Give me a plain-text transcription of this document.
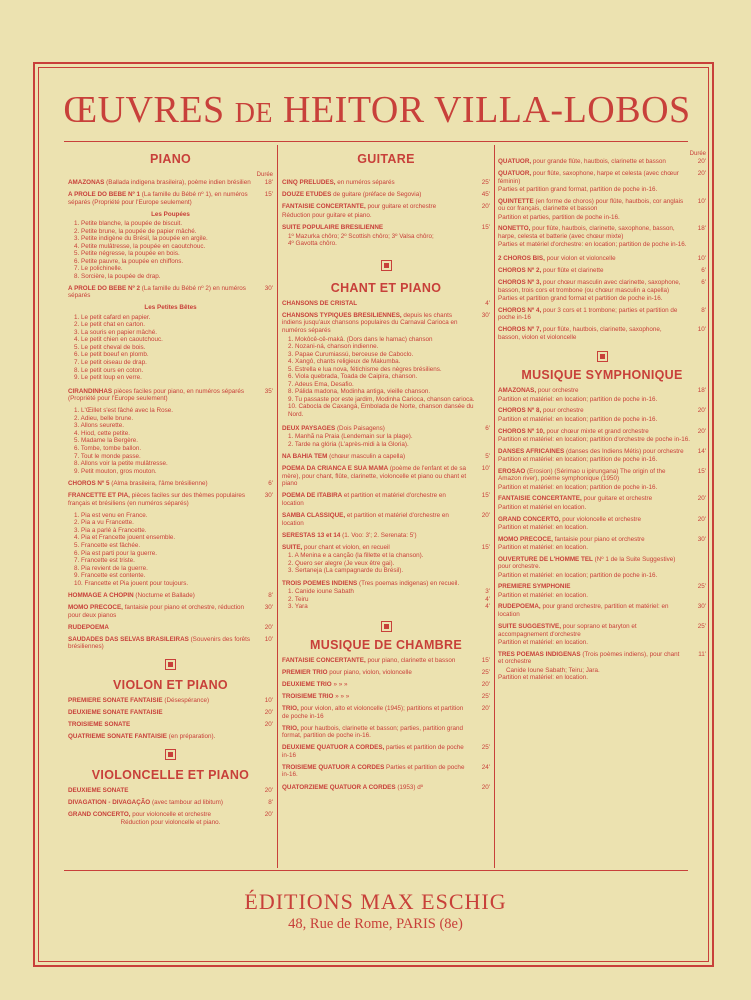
ŒUVRES DE HEITOR VILLA-LOBOS
PIANO
Durée
AMAZONAS (Ballada indigena brasileira), poème indien brésilien 18'
A PROLE DO BEBE Nº 1 (La famille du Bébé nº 1), en numéros séparés (Propriété pour l'Europe seulement)
15'
Les Poupées
1. Petite blanche, la poupée de biscuit.
2. Petite brune, la poupée de papier mâché.
3. Petite indigène du Brésil, la poupée en argile.
4. Petite mulâtresse, la poupée en caoutchouc.
5. Petite négresse, la poupée en bois.
6. Petite pauvre, la poupée en chiffons.
7. Le polichinelle.
8. Sorcière, la poupée de drap.
A PROLE DO BEBE Nº 2 (La famille du Bébé nº 2) en numéros séparés
30'
Les Petites Bêtes
1. Le petit cafard en papier.
2. Le petit chat en carton.
3. La souris en papier mâché.
4. Le petit chien en caoutchouc.
5. Le petit cheval de bois.
6. Le petit boeuf en plomb.
7. Le petit oiseau de drap.
8. Le petit ours en coton.
9. Le petit loup en verre.
CIRANDINHAS pièces faciles pour piano, en numéros séparés (Propriété pour l'Europe seulement)
35'
1. L'Œillet s'est fâché avec la Rose.
2. Adieu, belle brune.
3. Allons seurette.
4. Hiod, cette petite.
5. Madame la Bergère.
6. Tombe, tombe ballon.
7. Tout le monde passe.
8. Allons voir la petite mulâtresse.
9. Petit mouton, gros mouton.
CHOROS Nº 5 (Alma brasileira, l'âme brésilienne)	6'
FRANCETTE ET PIA, pièces faciles sur des thèmes populaires français et brésiliens (en numéros séparés)
30'
1. Pia est venu en France.
2. Pia a vu Francette.
3. Pia a parlé à Francette.
4. Pia et Francette jouent ensemble.
5. Francette est fâchée.
6. Pia est parti pour la guerre.
7. Francette est triste.
8. Pia revient de la guerre.
9. Francette est contente.
10. Francette et Pia jouent pour toujours.
HOMMAGE A CHOPIN (Nocturne et Ballade)	8'
MOMO PRECOCE, fantaisie pour piano et orchestre, réduction pour deux pianos
30'
RUDEPOEMA	20'
SAUDADES DAS SELVAS BRASILEIRAS (Souvenirs des forêts brésiliennes)
10'
VIOLON ET PIANO
PREMIERE SONATE FANTAISIE (Désespérance)	10'
DEUXIEME SONATE FANTAISIE	20'
TROISIEME SONATE	20'
QUATRIEME SONATE FANTAISIE (en préparation).
VIOLONCELLE ET PIANO
DEUXIEME SONATE	20'
DIVAGATION - DIVAGAÇÃO (avec tambour ad libitum)	8'
GRAND CONCERTO, pour violoncelle et orchestre	20'
Réduction pour violoncelle et piano.
GUITARE
CINQ PRELUDES, en numéros séparés	25'
DOUZE ETUDES de guitare (préface de Segovia)	45'
FANTAISIE CONCERTANTE, pour guitare et orchestre	20'
Réduction pour guitare et piano.
SUITE POPULAIRE BRESILIENNE	15'
1º Mazurka chôro; 2º Scottish chôro; 3º Valsa chôro;
4º Gavotta chôro.
CHANT ET PIANO
CHANSONS DE CRISTAL	4'
CHANSONS TYPIQUES BRESILIENNES, depuis les chants indiens jusqu'aux chansons populaires du Carnaval Carioca en numéros séparés
30'
1. Mokôcê-cê-makâ. (Dors dans le hamac) chanson
2. Nozani-ná, chanson indienne.
3. Papae Curumiassú, berceuse de Caboclo.
4. Xangô, chants religieux de Makumba.
5. Estrella e lua nova, fétichisme des nègres brésiliens.
6. Viola quebrada, Toada de Caipira, chanson.
7. Adeus Ema, Desafio.
8. Pálida madona, Modinha antiga, vieille chanson.
9. Tu passaste por este jardim, Modinha Carioca, chanson carioca.
10. Cabocla de Caxangá, Embolada de Norte, chanson dansée du Nord.
DEUX PAYSAGES (Dois Paisagens)	6'
1. Manhã na Praia (Lendemain sur la plage).
2. Tarde na glória (L'après-midi à la Gloria).
NA BAHIA TEM (chœur masculin a capella)	5'
POEMA DA CRIANCA E SUA MAMA (poème de l'enfant et de sa mère), pour chant, flûte, clarinette, violoncelle et piano ou chant et piano
10'
POEMA DE ITABIRA et partition et matériel d'orchestre en location
15'
SAMBA CLASSIQUE, et partition et matériel d'orchestre en location
20'
SERESTAS 13 et 14 (1. Voo: 3'; 2. Serenata: 5')
SUITE, pour chant et violon, en recueil	15'
1. A Menina e a canção (la fillette et la chanson).
2. Quero ser alegre (Je veux être gai).
3. Sertaneja (La campagnarde du Brésil).
TROIS POEMES INDIENS (Tres poemas indigenas) en recueil.
1. Canide ioune Sabath	3'
2. Teiru	4'
3. Yara	4'
MUSIQUE DE CHAMBRE
FANTAISIE CONCERTANTE, pour piano, clarinette et basson	15'
PREMIER TRIO pour piano, violon, violoncelle	25'
DEUXIEME TRIO » » »	20'
TROISIEME TRIO » » »	25'
TRIO, pour violon, alto et violoncelle (1945); partitions et partition de poche in-16
20'
TRIO, pour hautbois, clarinette et basson; parties, partition grand format, partition de poche in-16.
DEUXIEME QUATUOR A CORDES, parties et partition de poche in-16
25'
TROISIEME QUATUOR A CORDES Parties et partition de poche in-16.
24'
QUATORZIEME QUATUOR A CORDES (1953) dº	20'
Durée
QUATUOR, pour grande flûte, hautbois, clarinette et basson	20'
QUATUOR, pour flûte, saxophone, harpe et celesta (avec chœur féminin)
20'
Parties et partition grand format, partition de poche in-16.
QUINTETTE (en forme de choros) pour flûte, hautbois, cor anglais ou cor français, clarinette et basson
10'
Partition et parties, partition de poche in-16.
NONETTO, pour flûte, hautbois, clarinette, saxophone, basson, harpe, celesta et batterie (avec chœur mixte)
18'
Parties et matériel d'orchestre: en location; partition de poche in-16.
2 CHOROS BIS, pour violon et violoncelle	10'
CHOROS Nº 2, pour flûte et clarinette	6'
CHOROS Nº 3, pour chœur masculin avec clarinette, saxophone, basson, trois cors et trombone (ou chœur masculin a capella)
6'
Parties et partition grand format et partition de poche in-16.
CHOROS Nº 4, pour 3 cors et 1 trombone; parties et partition de poche in-16
8'
CHOROS Nº 7, pour flûte, hautbois, clarinette, saxophone, basson, violon et violoncelle
10'
MUSIQUE SYMPHONIQUE
AMAZONAS, pour orchestre	18'
Partition et matériel: en location; partition de poche in-16.
CHOROS Nº 8, pour orchestre	20'
Partition et matériel: en location; partition de poche in-16.
CHOROS Nº 10, pour chœur mixte et grand orchestre	20'
Partition et matériel: en location; partition d'orchestre de poche in-16.
DANSES AFRICAINES (danses des Indiens Métis) pour orchestre 14'
Partition et matériel: en location; partition de poche in-16.
EROSAO (Erosion) (Sérimao u ipirungana) The origin of the Amazon river), poème symphonique (1950)
15'
Partition et matériel: en location; partition de poche in-16.
FANTAISIE CONCERTANTE, pour guitare et orchestre	20'
Partition et matériel en location.
GRAND CONCERTO, pour violoncelle et orchestre	20'
Partition et matériel: en location.
MOMO PRECOCE, fantaisie pour piano et orchestre	30'
Partition et matériel: en location.
OUVERTURE DE L'HOMME TEL (Nº 1 de la Suite Suggestive) pour orchestre.
Partition et matériel: en location; partition de poche in-16.
PREMIERE SYMPHONIE	25'
Partition et matériel: en location.
RUDEPOEMA, pour grand orchestre, partition et matériel: en location
30'
SUITE SUGGESTIVE, pour soprano et baryton et accompagnement d'orchestre
25'
Partition et matériel: en location.
TRES POEMAS INDIGENAS (Trois poèmes indiens), pour chant et orchestre
11'
Canide Ioune Sabath; Teiru; Jara.
Partition et matériel: en location.
ÉDITIONS MAX ESCHIG
48, Rue de Rome, PARIS (8e)
